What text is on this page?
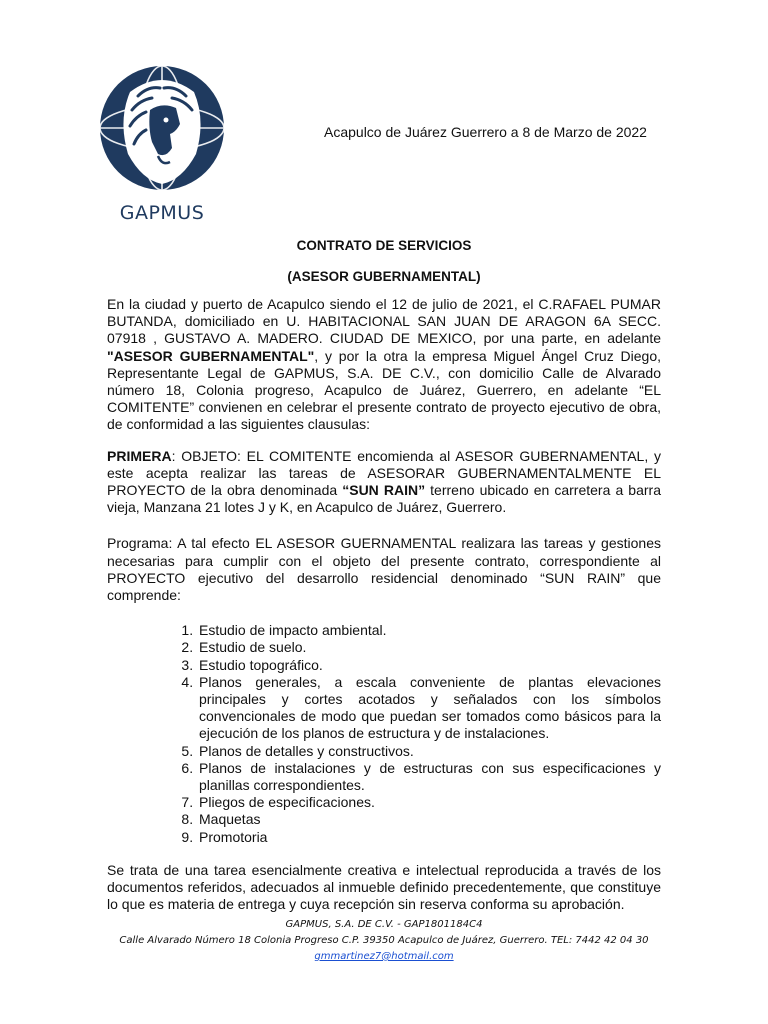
GAPMUS
Acapulco de Juárez Guerrero a 8 de Marzo de 2022
CONTRATO DE SERVICIOS
(ASESOR GUBERNAMENTAL)

En la ciudad y puerto de Acapulco siendo el 12 de julio de 2021, el C.RAFAEL PUMAR BUTANDA, domiciliado en U. HABITACIONAL SAN JUAN DE ARAGON 6A SECC. 07918 , GUSTAVO A. MADERO. CIUDAD DE MEXICO, por una parte, en adelante "ASESOR GUBERNAMENTAL", y por la otra la empresa Miguel Ángel Cruz Diego, Representante Legal de GAPMUS, S.A. DE C.V., con domicilio Calle de Alvarado número 18, Colonia progreso, Acapulco de Juárez, Guerrero, en adelante “EL COMITENTE” convienen en celebrar el presente contrato de proyecto ejecutivo de obra, de conformidad a las siguientes clausulas:

PRIMERA: OBJETO: EL COMITENTE encomienda al ASESOR GUBERNAMENTAL, y este acepta realizar las tareas de ASESORAR GUBERNAMENTALMENTE EL PROYECTO de la obra denominada “SUN RAIN” terreno ubicado en carretera a barra vieja, Manzana 21 lotes J y K, en Acapulco de Juárez, Guerrero.

Programa: A tal efecto EL ASESOR GUERNAMENTAL realizara las tareas y gestiones necesarias para cumplir con el objeto del presente contrato, correspondiente al PROYECTO ejecutivo del desarrollo residencial denominado “SUN RAIN” que comprende:

1. Estudio de impacto ambiental.
2. Estudio de suelo.
3. Estudio topográfico.
4. Planos generales, a escala conveniente de plantas elevaciones principales y cortes acotados y señalados con los símbolos convencionales de modo que puedan ser tomados como básicos para la ejecución de los planos de estructura y de instalaciones.
5. Planos de detalles y constructivos.
6. Planos de instalaciones y de estructuras con sus especificaciones y planillas correspondientes.
7. Pliegos de especificaciones.
8. Maquetas
9. Promotoria

Se trata de una tarea esencialmente creativa e intelectual reproducida a través de los documentos referidos, adecuados al inmueble definido precedentemente, que constituye lo que es materia de entrega y cuya recepción sin reserva conforma su aprobación.

GAPMUS, S.A. DE C.V. - GAP1801184C4
Calle Alvarado Número 18 Colonia Progreso C.P. 39350 Acapulco de Juárez, Guerrero. TEL: 7442 42 04 30
gmmartinez7@hotmail.com
